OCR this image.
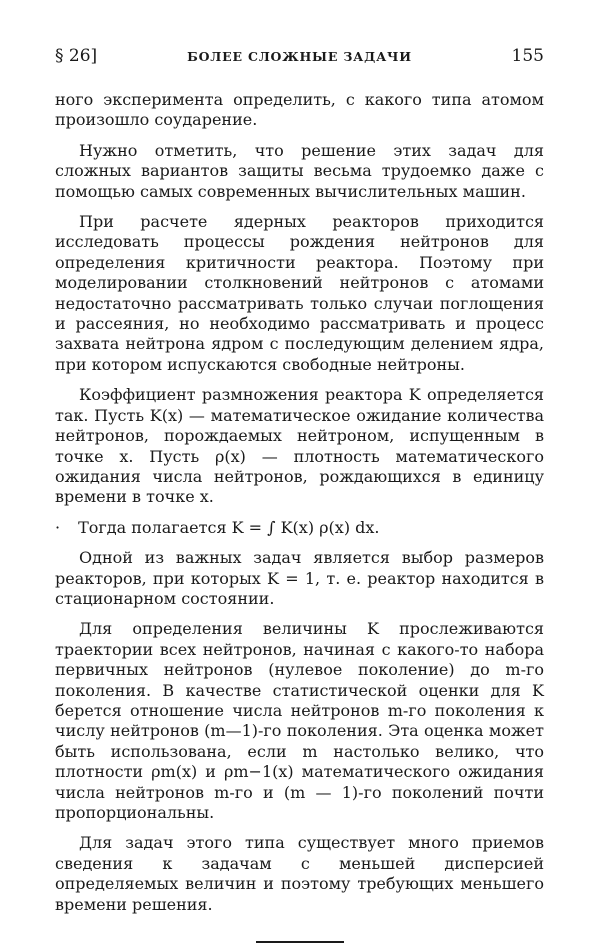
§ 26]	БОЛЕЕ СЛОЖНЫЕ ЗАДАЧИ	155

ного эксперимента определить, с какого типа атомом произошло соударение.

Нужно отметить, что решение этих задач для сложных вариантов защиты весьма трудоемко даже с помощью самых современных вычислительных машин.

При расчете ядерных реакторов приходится исследовать процессы рождения нейтронов для определения критичности реактора. Поэтому при моделировании столкновений нейтронов с атомами недостаточно рассматривать только случаи поглощения и рассеяния, но необходимо рассматривать и процесс захвата нейтрона ядром с последующим делением ядра, при котором испускаются свободные нейтроны.

Коэффициент размножения реактора K определяется так. Пусть K(x) — математическое ожидание количества нейтронов, порождаемых нейтроном, испущенным в точке x. Пусть ρ(x) — плотность математического ожидания числа нейтронов, рождающихся в единицу времени в точке x.

· Тогда полагается K = ∫ K(x) ρ(x) dx.

Одной из важных задач является выбор размеров реакторов, при которых K = 1, т. е. реактор находится в стационарном состоянии.

Для определения величины K прослеживаются траектории всех нейтронов, начиная с какого-то набора первичных нейтронов (нулевое поколение) до m-го поколения. В качестве статистической оценки для K берется отношение числа нейтронов m-го поколения к числу нейтронов (m—1)-го поколения. Эта оценка может быть использована, если m настолько велико, что плотности ρm(x) и ρm−1(x) математического ожидания числа нейтронов m-го и (m — 1)-го поколений почти пропорциональны.

Для задач этого типа существует много приемов сведения к задачам с меньшей дисперсией определяемых величин и поэтому требующих меньшего времени решения.
